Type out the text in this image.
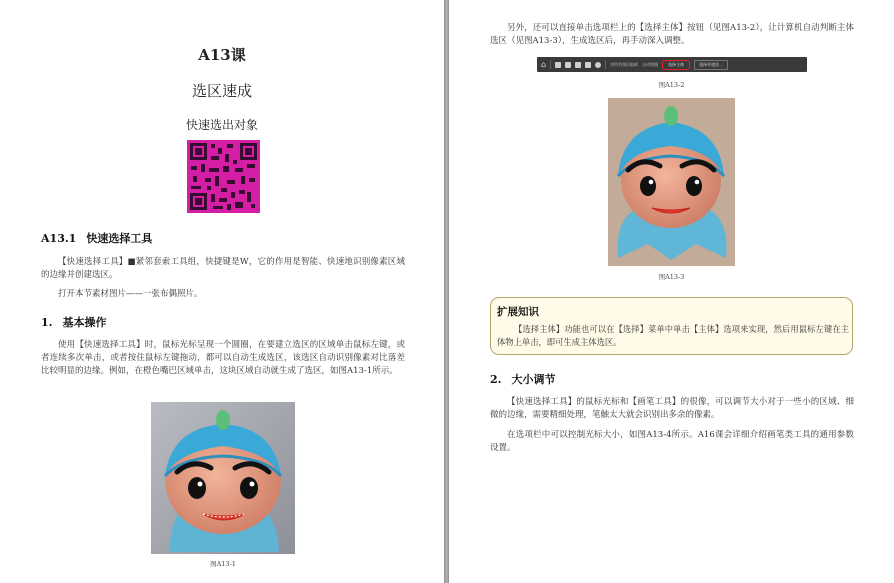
A13课
选区速成
快速选出对象
A13.1 快速选择工具
【快速选择工具】■紧邻套索工具组，快捷键是W，它的作用是智能、快速地识别像素区域的边缘并创建选区。
打开本节素材图片——一张布偶照片。
1. 基本操作
使用【快速选择工具】时，鼠标光标呈现一个圆圈，在要建立选区的区域单击鼠标左键，或者连续多次单击，或者按住鼠标左键拖动，都可以自动生成选区，该选区自动识别像素对比落差比较明显的边缘。例如，在橙色嘴巴区域单击，这块区域自动就生成了选区，如图A13-1所示。
图A13-1
另外，还可以直接单击选项栏上的【选择主体】按钮（见图A13-2），让计算机自动判断主体选区（见图A13-3），生成选区后，再手动深入调整。
⌂	对所有图层取样 自动增强	选择主体	选择并遮住...
图A13-2
图A13-3
扩展知识
【选择主体】功能也可以在【选择】菜单中单击【主体】选项来实现，然后用鼠标左键在主体物上单击，即可生成主体选区。
2. 大小调节
【快速选择工具】的鼠标光标和【画笔工具】的很像，可以调节大小对于一些小的区域、细微的边缘，需要精细处理，笔触太大就会识别出多余的像素。
在选项栏中可以控制光标大小，如图A13-4所示。A16课会详细介绍画笔类工具的通用参数设置。
